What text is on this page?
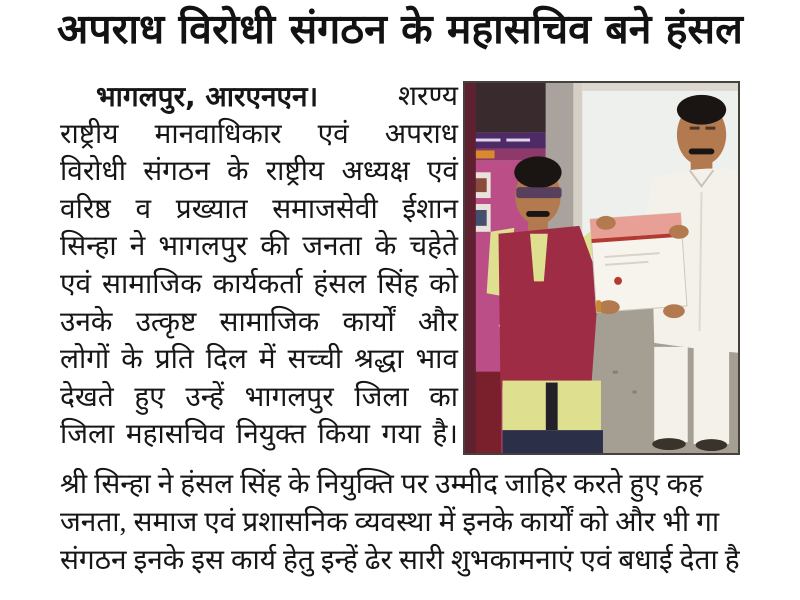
अपराध विरोधी संगठन के महासचिव बने हंसल
भागलपुर, आरएनएन।	शरण्य
राष्ट्रीय मानवाधिकार एवं अपराध
विरोधी संगठन के राष्ट्रीय अध्यक्ष एवं
वरिष्ठ व प्रख्यात समाजसेवी ईशान
सिन्हा ने भागलपुर की जनता के चहेते
एवं सामाजिक कार्यकर्ता हंसल सिंह को
उनके उत्कृष्ट सामाजिक कार्यों और
लोगों के प्रति दिल में सच्ची श्रद्धा भाव
देखते हुए उन्हें भागलपुर जिला का
जिला महासचिव नियुक्त किया गया है।
श्री सिन्हा ने हंसल सिंह के नियुक्ति पर उम्मीद जाहिर करते हुए कह
जनता, समाज एवं प्रशासनिक व्यवस्था में इनके कार्यों को और भी गा
संगठन इनके इस कार्य हेतु इन्हें ढेर सारी शुभकामनाएं एवं बधाई देता है
